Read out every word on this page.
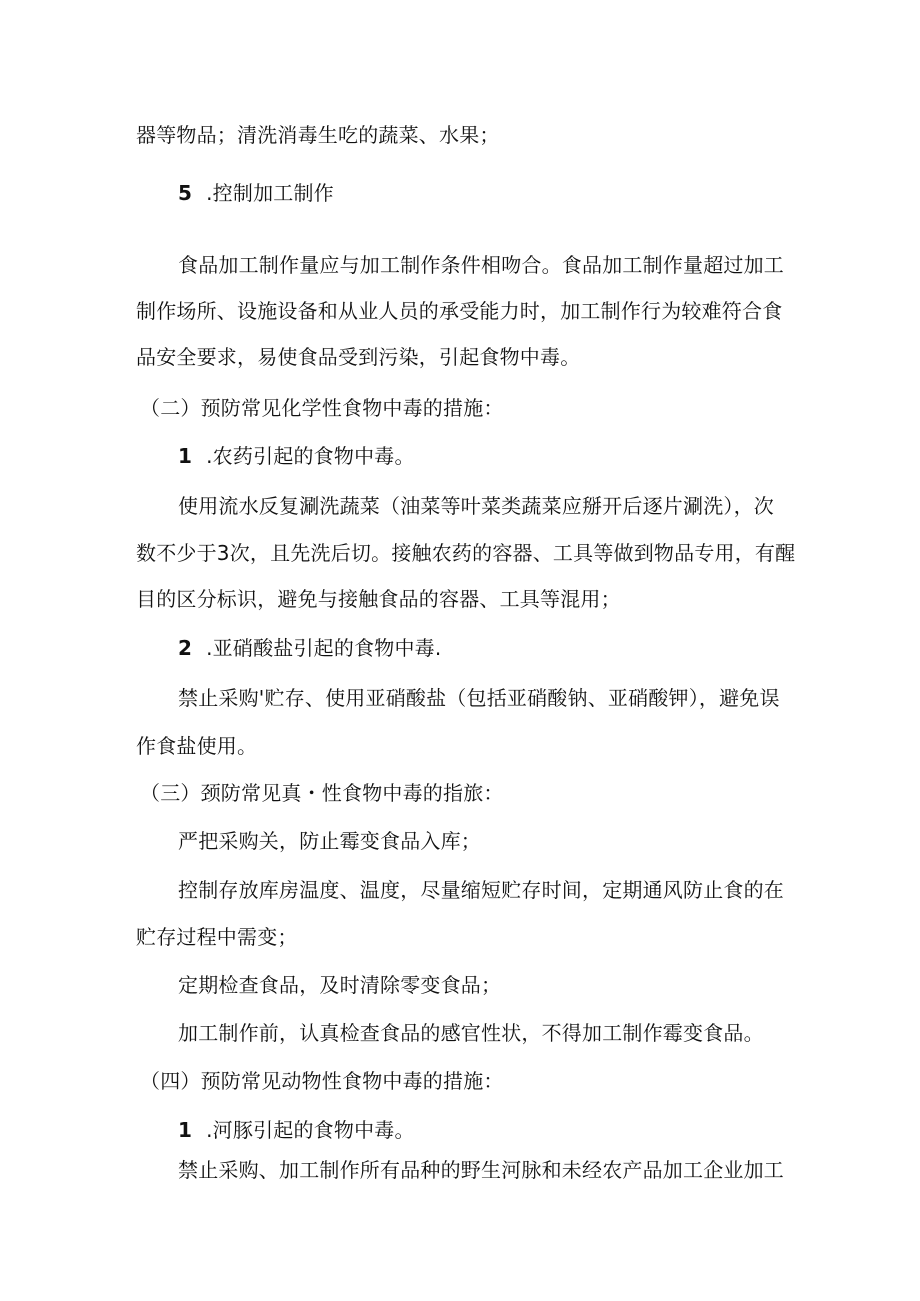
器等物品；清洗消毒生吃的蔬菜、水果；
5 .控制加工制作
食品加工制作量应与加工制作条件相吻合。食品加工制作量超过加工
制作场所、设施设备和从业人员的承受能力时，加工制作行为较难符合食
品安全要求，易使食品受到污染，引起食物中毒。
（二）预防常见化学性食物中毒的措施：
1 .农药引起的食物中毒。
使用流水反复涮洗蔬菜（油菜等叶菜类蔬菜应掰开后逐片涮洗），次
数不少于3次，且先洗后切。接触农药的容器、工具等做到物品专用，有醒
目的区分标识，避免与接触食品的容器、工具等混用；
2 .亚硝酸盐引起的食物中毒.
禁止采购'贮存、使用亚硝酸盐（包括亚硝酸钠、亚硝酸钾），避免误
作食盐使用。
（三）颈防常见真・性食物中毒的指旅：
严把采购关，防止霉变食品入库；
控制存放库房温度、温度，尽量缩短贮存时间，定期通风防止食的在
贮存过程中需变；
定期检查食品，及时清除零变食品；
加工制作前，认真检查食品的感官性状，不得加工制作霉变食品。
（四）预防常见动物性食物中毒的措施：
1 .河豚引起的食物中毒。
禁止采购、加工制作所有品种的野生河脉和未经农产品加工企业加工
